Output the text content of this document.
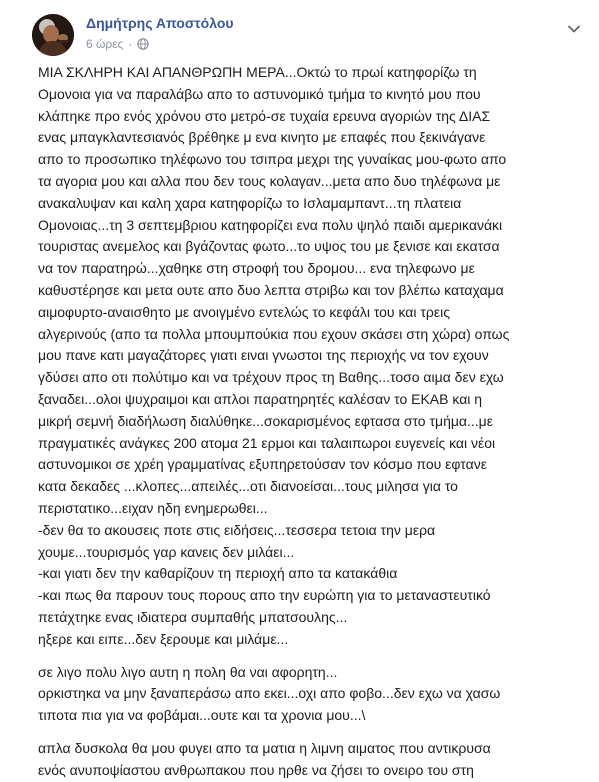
Δημήτρης Αποστόλου
6 ώρες ·

ΜΙΑ ΣΚΛΗΡΗ ΚΑΙ ΑΠΑΝΘΡΩΠΗ ΜΕΡΑ...Οκτώ το πρωί κατηφορίζω τη

Ομονοια για να παραλάβω απο το αστυνομικό τμήμα το κινητό μου που

κλάπηκε προ ενός χρόνου στο μετρό-σε τυχαία ερευνα αγοριών της ΔΙΑΣ

ενας μπαγκλαντεσιανός βρέθηκε μ ενα κινητο με επαφές που ξεκινάγανε

απο το προσωπικο τηλέφωνο του τσιπρα μεχρι της γυναίκας μου-φωτο απο

τα αγορια μου και αλλα που δεν τους κολαγαν...μετα απο δυο τηλέφωνα με

ανακαλυψαν και καλη χαρα κατηφορίζω το Ισλαμαμπαντ...τη πλατεια

Ομονοιας...τη 3 σεπτεμβριου κατηφορίζει ενα πολυ ψηλό παιδι αμερικανάκι

τουριστας ανεμελος και βγάζοντας φωτο...το υψος του με ξενισε και εκατσα

να τον παρατηρώ...χαθηκε στη στροφή του δρομου... ενα τηλεφωνο με

καθυστέρησε και μετα ουτε απο δυο λεπτα στριβω και τον βλέπω καταχαμα

αιμοφυρτο-αναισθητο με ανοιγμένο εντελώς το κεφάλι του και τρεις

αλγερινούς (απο τα πολλα μπουμπούκια που εχουν σκάσει στη χώρα) οπως

μου πανε κατι μαγαζάτορες γιατι ειναι γνωστοι της περιοχής να τον εχουν

γδύσει απο οτι πολύτιμο και να τρέχουν προς τη Βαθης...τοσο αιμα δεν εχω

ξαναδει...ολοι ψυχραιμοι και απλοι παρατηρητές καλέσαν το ΕΚΑΒ και η

μικρή σεμνή διαδήλωση διαλύθηκε...σοκαρισμένος εφτασα στο τμήμα...με

πραγματικές ανάγκες 200 ατομα 21 ερμοι και ταλαιπωροι ευγενείς και νέοι

αστυνομικοι σε χρέη γραμματίνας εξυπηρετούσαν τον κόσμο που εφτανε

κατα δεκαδες ...κλοπες...απειλές...οτι διανοείσαι...τους μιλησα για το

περιστατικο...ειχαν ηδη ενημερωθει...

-δεν θα το ακουσεις ποτε στις ειδήσεις...τεσσερα τετοια την μερα

χουμε...τουρισμός γαρ κανεις δεν μιλάει...

-και γιατι δεν την καθαρίζουν τη περιοχή απο τα κατακάθια

-και πως θα παρουν τους πορους απο την ευρώπη για το μεταναστευτικό

πετάχτηκε ενας ιδιατερα συμπαθής μπατσουλης...

ηξερε και ειπε...δεν ξερουμε και μιλάμε...

σε λιγο πολυ λιγο αυτη η πολη θα ναι αφορητη...

ορκιστηκα να μην ξαναπεράσω απο εκει...οχι απο φοβο...δεν εχω να χασω

τιποτα πια για να φοβάμαι...ουτε και τα χρονια μου...\

απλα δυσκολα θα μου φυγει απο τα ματια η λιμνη αιματος που αντικρυσα

ενός ανυποψίαστου ανθρωπακου που ηρθε να ζήσει το ονειρο του στη
